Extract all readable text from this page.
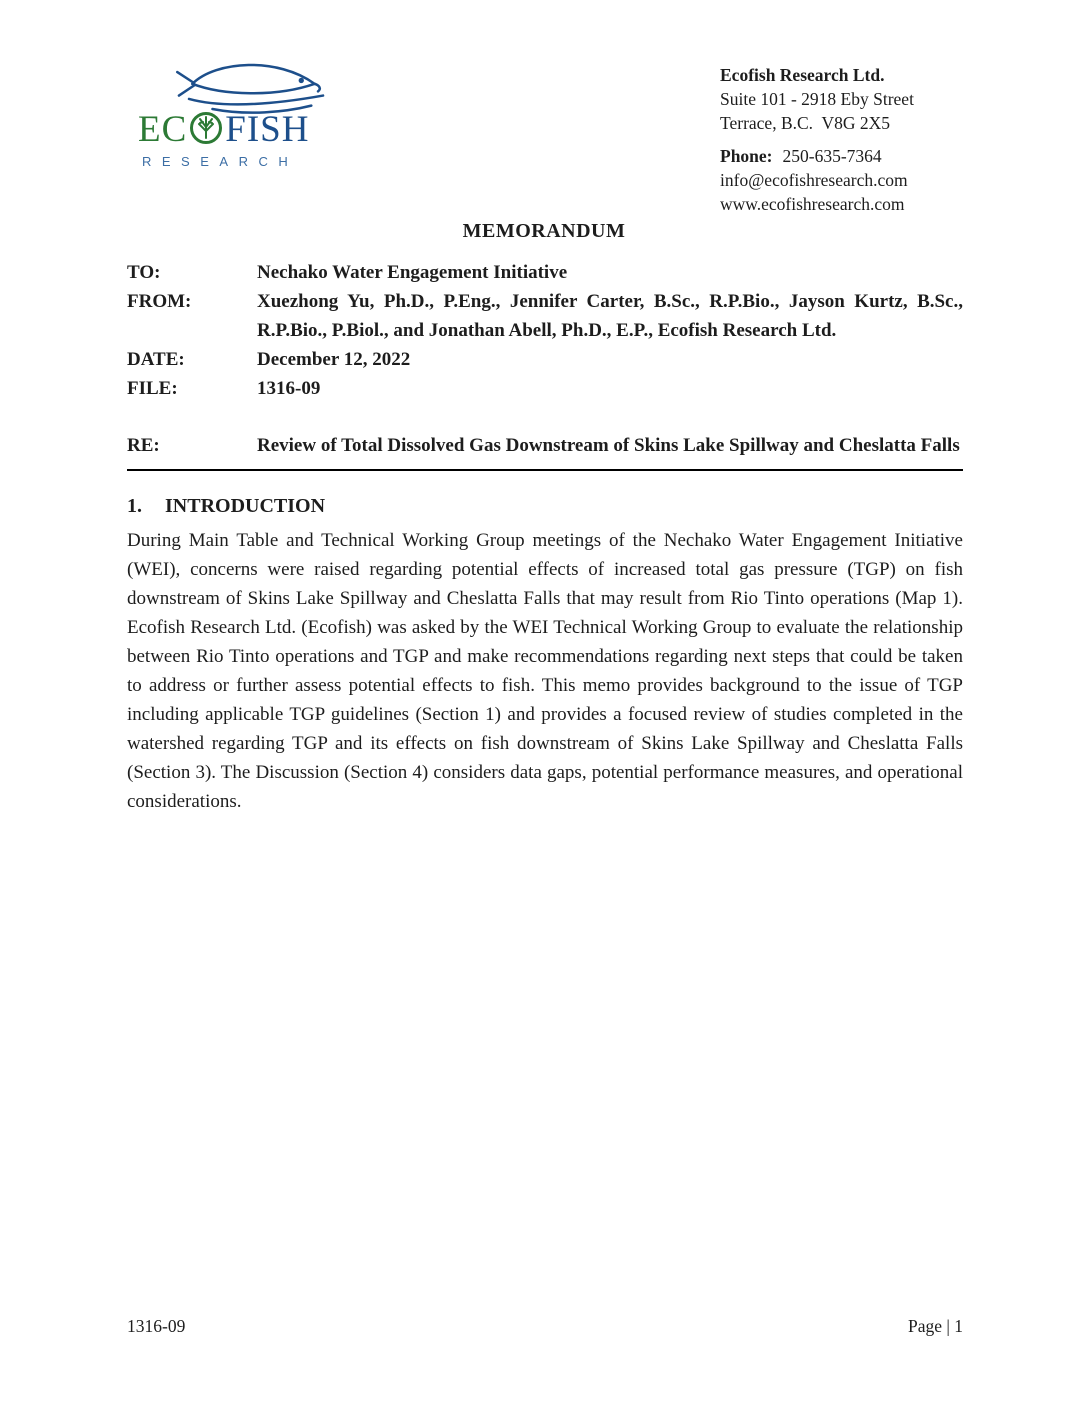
EC FISH
RESEARCH
Ecofish Research Ltd.
Suite 101 - 2918 Eby Street
Terrace, B.C.  V8G 2X5
Phone: 250-635-7364
info@ecofishresearch.com
www.ecofishresearch.com
MEMORANDUM
TO:	Nechako Water Engagement Initiative
FROM:	Xuezhong Yu, Ph.D., P.Eng., Jennifer Carter, B.Sc., R.P.Bio., Jayson Kurtz, B.Sc., R.P.Bio., P.Biol., and Jonathan Abell, Ph.D., E.P., Ecofish Research Ltd.
DATE:	December 12, 2022
FILE:	1316-09
RE:	Review of Total Dissolved Gas Downstream of Skins Lake Spillway and Cheslatta Falls
1.	INTRODUCTION
During Main Table and Technical Working Group meetings of the Nechako Water Engagement Initiative (WEI), concerns were raised regarding potential effects of increased total gas pressure (TGP) on fish downstream of Skins Lake Spillway and Cheslatta Falls that may result from Rio Tinto operations (Map 1). Ecofish Research Ltd. (Ecofish) was asked by the WEI Technical Working Group to evaluate the relationship between Rio Tinto operations and TGP and make recommendations regarding next steps that could be taken to address or further assess potential effects to fish. This memo provides background to the issue of TGP including applicable TGP guidelines (Section 1) and provides a focused review of studies completed in the watershed regarding TGP and its effects on fish downstream of Skins Lake Spillway and Cheslatta Falls (Section 3). The Discussion (Section 4) considers data gaps, potential performance measures, and operational considerations.
1316-09	Page | 1
